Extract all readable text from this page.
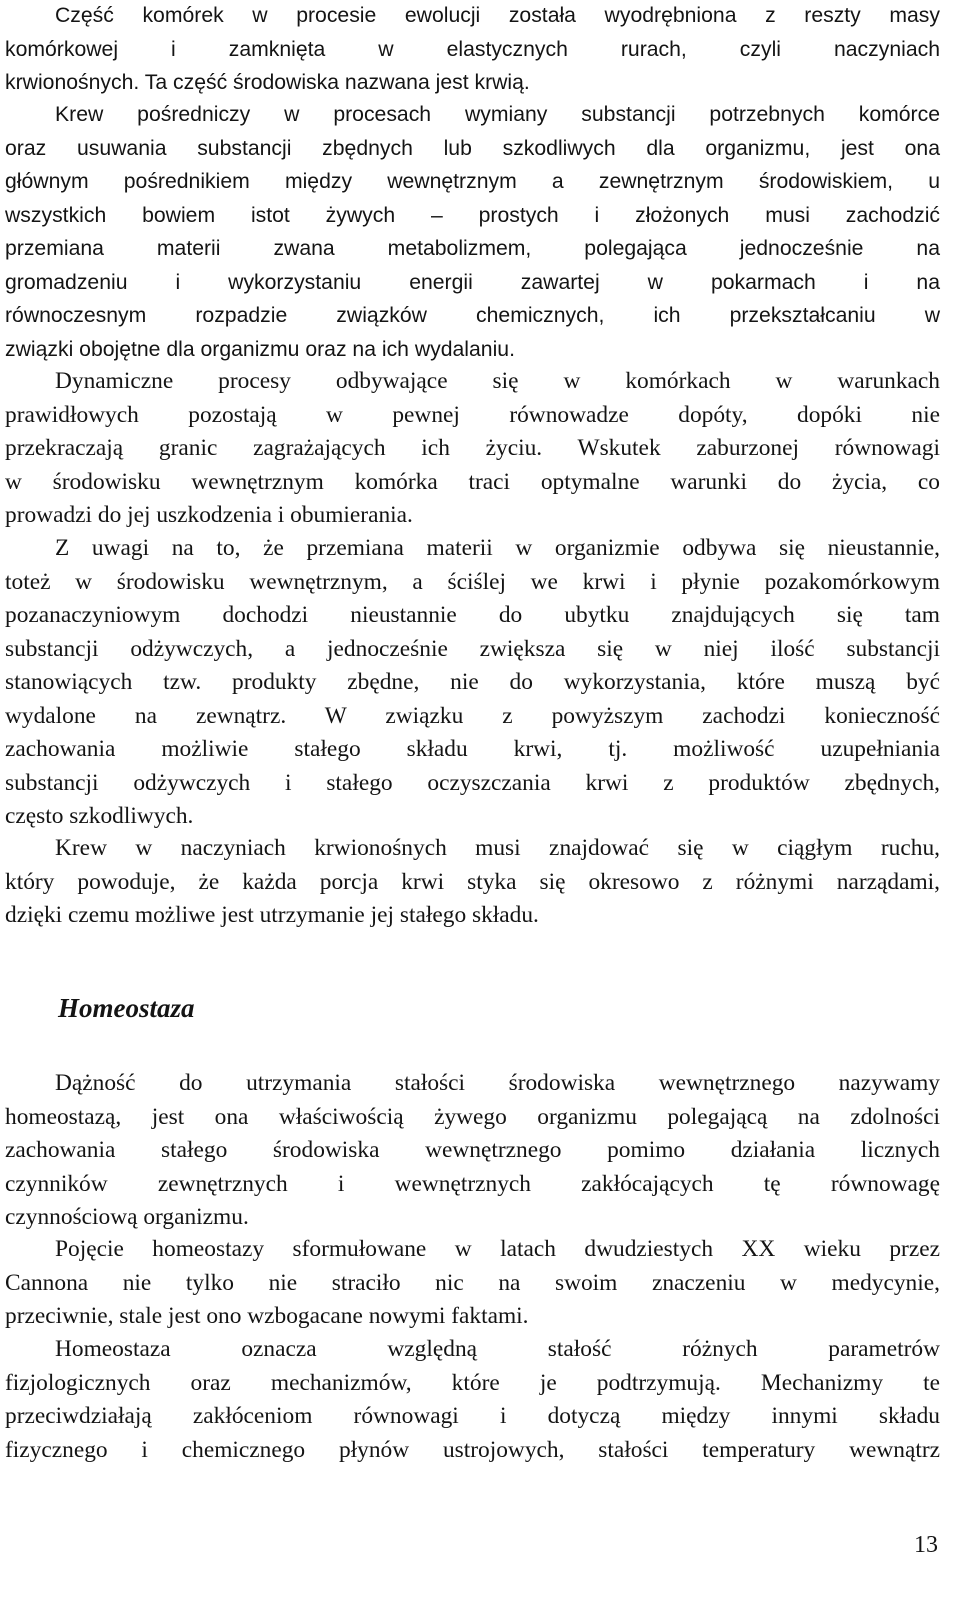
Część komórek w procesie ewolucji została wyodrębniona z reszty masy
komórkowej i zamknięta w elastycznych rurach, czyli naczyniach
krwionośnych. Ta część środowiska nazwana jest krwią.
Krew pośredniczy w procesach wymiany substancji potrzebnych komórce
oraz usuwania substancji zbędnych lub szkodliwych dla organizmu, jest ona
głównym pośrednikiem między wewnętrznym a zewnętrznym środowiskiem, u
wszystkich bowiem istot żywych – prostych i złożonych musi zachodzić
przemiana materii zwana metabolizmem, polegająca jednocześnie na
gromadzeniu i wykorzystaniu energii zawartej w pokarmach i na
równoczesnym rozpadzie związków chemicznych, ich przekształcaniu w
związki obojętne dla organizmu oraz na ich wydalaniu.
Dynamiczne procesy odbywające się w komórkach w warunkach
prawidłowych pozostają w pewnej równowadze dopóty, dopóki nie
przekraczają granic zagrażających ich życiu. Wskutek zaburzonej równowagi
w środowisku wewnętrznym komórka traci optymalne warunki do życia, co
prowadzi do jej uszkodzenia i obumierania.
Z uwagi na to, że przemiana materii w organizmie odbywa się nieustannie,
toteż w środowisku wewnętrznym, a ściślej we krwi i płynie pozakomórkowym
pozanaczyniowym dochodzi nieustannie do ubytku znajdujących się tam
substancji odżywczych, a jednocześnie zwiększa się w niej ilość substancji
stanowiących tzw. produkty zbędne, nie do wykorzystania, które muszą być
wydalone na zewnątrz. W związku z powyższym zachodzi konieczność
zachowania możliwie stałego składu krwi, tj. możliwość uzupełniania
substancji odżywczych i stałego oczyszczania krwi z produktów zbędnych,
często szkodliwych.
Krew w naczyniach krwionośnych musi znajdować się w ciągłym ruchu,
który powoduje, że każda porcja krwi styka się okresowo z różnymi narządami,
dzięki czemu możliwe jest utrzymanie jej stałego składu.
Homeostaza
Dążność do utrzymania stałości środowiska wewnętrznego nazywamy
homeostazą, jest ona właściwością żywego organizmu polegającą na zdolności
zachowania stałego środowiska wewnętrznego pomimo działania licznych
czynników zewnętrznych i wewnętrznych zakłócających tę równowagę
czynnościową organizmu.
Pojęcie homeostazy sformułowane w latach dwudziestych XX wieku przez
Cannona nie tylko nie straciło nic na swoim znaczeniu w medycynie,
przeciwnie, stale jest ono wzbogacane nowymi faktami.
Homeostaza oznacza względną stałość różnych parametrów
fizjologicznych oraz mechanizmów, które je podtrzymują. Mechanizmy te
przeciwdziałają zakłóceniom równowagi i dotyczą między innymi składu
fizycznego i chemicznego płynów ustrojowych, stałości temperatury wewnątrz
13
